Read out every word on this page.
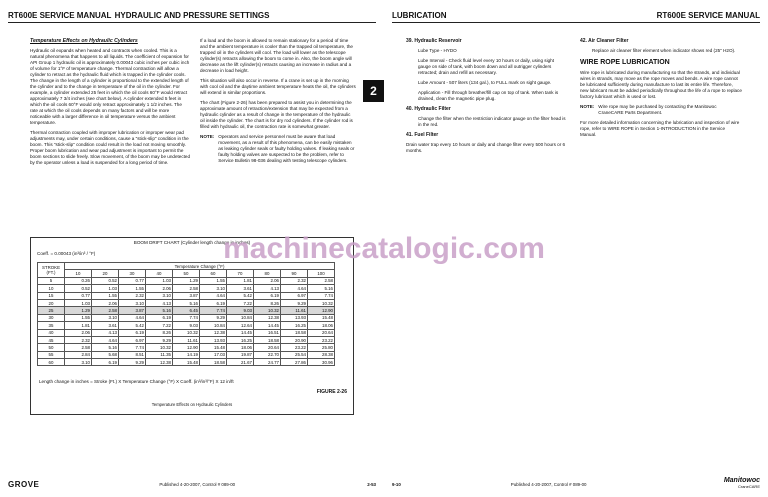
RT600E SERVICE MANUAL HYDRAULIC AND PRESSURE SETTINGS

Temperature Effects on Hydraulic Cylinders

Hydraulic oil expands when heated and contracts when cooled. This is a natural phenomena that happens to all liquids. The coefficient of expansion for API Group 1 hydraulic oil is approximately 0.00043 cubic inches per cubic inch of volume for 1°F of temperature change. Thermal contraction will allow a cylinder to retract as the hydraulic fluid which is trapped in the cylinder cools. The change in the length of a cylinder is proportional to the extended length of the cylinder and to the change in temperature of the oil in the cylinder. For example, a cylinder extended 25 feet in which the oil cools 60°F would retract approximately 7 3/4 inches (see chart below). A cylinder extended 5 feet in which the oil cools 60°F would only retract approximately 1 1/2 inches. The rate at which the oil cools depends on many factors and will be more noticeable with a larger difference in oil temperature versus the ambient temperature.

Thermal contraction coupled with improper lubrication or improper wear pad adjustments may, under certain conditions, cause a "stick-slip" condition in the boom. This "stick-slip" condition could result in the load not moving smoothly. Proper boom lubrication and wear pad adjustment is important to permit the boom sections to slide freely. Slow movement, of the boom may be undetected by the operator unless a load is suspended for a long period of time.

If a load and the boom is allowed to remain stationary for a period of time and the ambient temperature is cooler than the trapped oil temperature, the trapped oil in the cylinders will cool. The load will lower as the telescope cylinder(s) retracts allowing the boom to come in. Also, the boom angle will decrease as the lift cylinder(s) retracts causing an increase in radius and a decrease in load height.

This situation will also occur in reverse. If a crane is set up in the morning with cool oil and the daytime ambient temperature heats the oil, the cylinders will extend in similar proportions.

The chart (Figure 2-26) has been prepared to assist you in determining the approximate amount of retraction/extension that may be expected from a hydraulic cylinder as a result of change in the temperature of the hydraulic oil inside the cylinder. The chart is for dry rod cylinders. If the cylinder rod is filled with hydraulic oil, the contraction rate is somewhat greater.

NOTE: Operators and service personnel must be aware that load movement, as a result of this phenomena, can be easily mistaken as leaking cylinder seals or faulty holding valves. If leaking seals or faulty holding valves are suspected to be the problem, refer to Service Bulletin 98-036 dealing with testing telescope cylinders.
2
BOOM DRIFT CHART (Cylinder length change in inches)
Coeff. = 0.00043 (in³/in³ / °F)
STROKE (FT.)	Temperature Change (°F)									
	10	20	30	40	50	60	70	80	90	100
5	0.26	0.52	0.77	1.03	1.29	1.55	1.81	2.06	2.32	2.58
10	0.52	1.03	1.55	2.06	2.58	3.10	3.61	4.13	4.64	5.16
15	0.77	1.55	2.32	3.10	3.87	4.64	5.42	6.19	6.97	7.74
20	1.03	2.06	3.10	4.13	5.16	6.19	7.22	8.26	9.29	10.32
25	1.29	2.58	3.87	5.16	6.45	7.74	9.03	10.32	11.61	12.90
30	1.55	3.10	4.64	6.19	7.74	9.29	10.84	12.38	13.93	15.48
35	1.81	3.61	5.42	7.22	9.03	10.84	12.64	14.45	16.25	18.06
40	2.06	4.13	6.19	8.26	10.32	12.38	14.45	16.51	18.58	20.64
45	2.32	4.64	6.97	9.29	11.61	13.93	16.25	18.58	20.90	23.22
50	2.58	5.16	7.74	10.32	12.90	15.48	18.06	20.64	23.22	25.80
55	2.84	5.68	8.51	11.35	14.19	17.03	19.87	22.70	25.54	28.38
60	3.10	6.19	9.29	12.38	15.48	18.58	21.67	24.77	27.86	30.96
Length change in inches = Stroke (Ft.) X Temperature Change (°F) X Coeff. (in³/in³/°F) X 12 in/ft
FIGURE 2-26
Temperature Effects on Hydraulic Cylinders
GROVE	Published 4-20-2007, Control # 089-00	2-53
LUBRICATION	RT600E SERVICE MANUAL

39. Hydraulic Reservoir

Lube Type - HYDO

Lube Interval - Check fluid level every 10 hours or daily, using sight gauge on side of tank, with boom down and all outrigger cylinders retracted; drain and refill as necessary.

Lube Amount - 507 liters (134 gal.), to FULL mark on sight gauge.

Application - Fill through breather/fill cap on top of tank. When tank is drained, clean the magnetic pipe plug.

40. Hydraulic Filter

Change the filter when the restriction indicator gauge on the filter head is in the red.

41. Fuel Filter

Drain water trap every 10 hours or daily and change filter every 500 hours or 6 months.

42. Air Cleaner Filter

Replace air cleaner filter element when indicator shows red (25" H2O).

WIRE ROPE LUBRICATION

Wire rope is lubricated during manufacturing so that the strands, and individual wires in strands, may move as the rope moves and bends. A wire rope cannot be lubricated sufficiently during manufacture to last its entire life. Therefore, new lubricant must be added periodically throughout the life of a rope to replace factory lubricant which is used or lost.

NOTE: Wire rope may be purchased by contacting the Manitowoc CraneCARE Parts Department.

For more detailed information concerning the lubrication and inspection of wire rope, refer to WIRE ROPE in Section 1-INTRODUCTION in the Service Manual.

9-10	Published 4-20-2007, Control # 089-00	Manitowoc
CraneCARE
machinecatalogic.com
